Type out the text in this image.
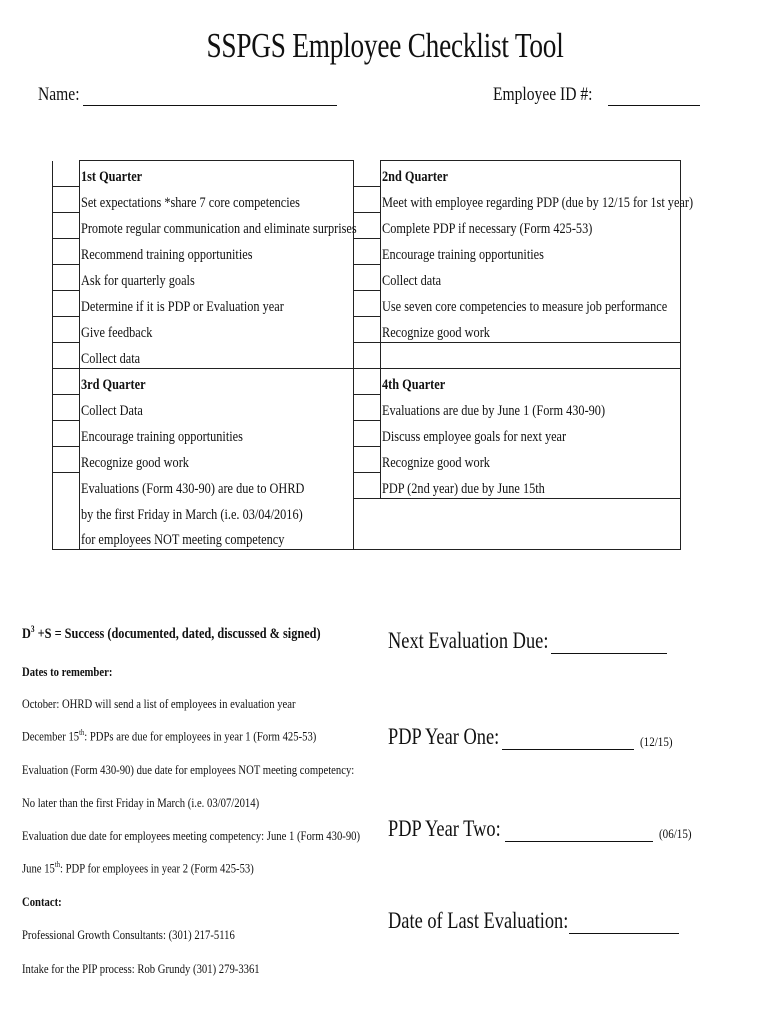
SSPGS Employee Checklist Tool
Name:	Employee ID #:
	1st Quarter		2nd Quarter
	Set expectations *share 7 core competencies		Meet with employee regarding PDP (due by 12/15 for 1st year)
	Promote regular communication and eliminate surprises		Complete PDP if necessary (Form 425-53)
	Recommend training opportunities		Encourage training opportunities
	Ask for quarterly goals		Collect data
	Determine if it is PDP or Evaluation year		Use seven core competencies to measure job performance
	Give feedback		Recognize good work
	Collect data		
	3rd Quarter		4th Quarter
	Collect Data		Evaluations are due by June 1 (Form 430-90)
	Encourage training opportunities		Discuss employee goals for next year
	Recognize good work		Recognize good work
	Evaluations (Form 430-90) are due to OHRD		PDP (2nd year) due by June 15th
	by the first Friday in March (i.e. 03/04/2016)		
	for employees NOT meeting competency		
$D^3 +S$ = Success (documented, dated, discussed & signed)
Dates to remember:
October: OHRD will send a list of employees in evaluation year
December 15th: PDPs are due for employees in year 1 (Form 425-53)
Evaluation (Form 430-90) due date for employees NOT meeting competency:
No later than the first Friday in March (i.e. 03/07/2014)
Evaluation due date for employees meeting competency: June 1 (Form 430-90)
June 15th: PDP for employees in year 2 (Form 425-53)
Contact:
Professional Growth Consultants: (301) 217-5116
Intake for the PIP process: Rob Grundy (301) 279-3361
Next Evaluation Due:
PDP Year One:	(12/15)
PDP Year Two:	(06/15)
Date of Last Evaluation:
